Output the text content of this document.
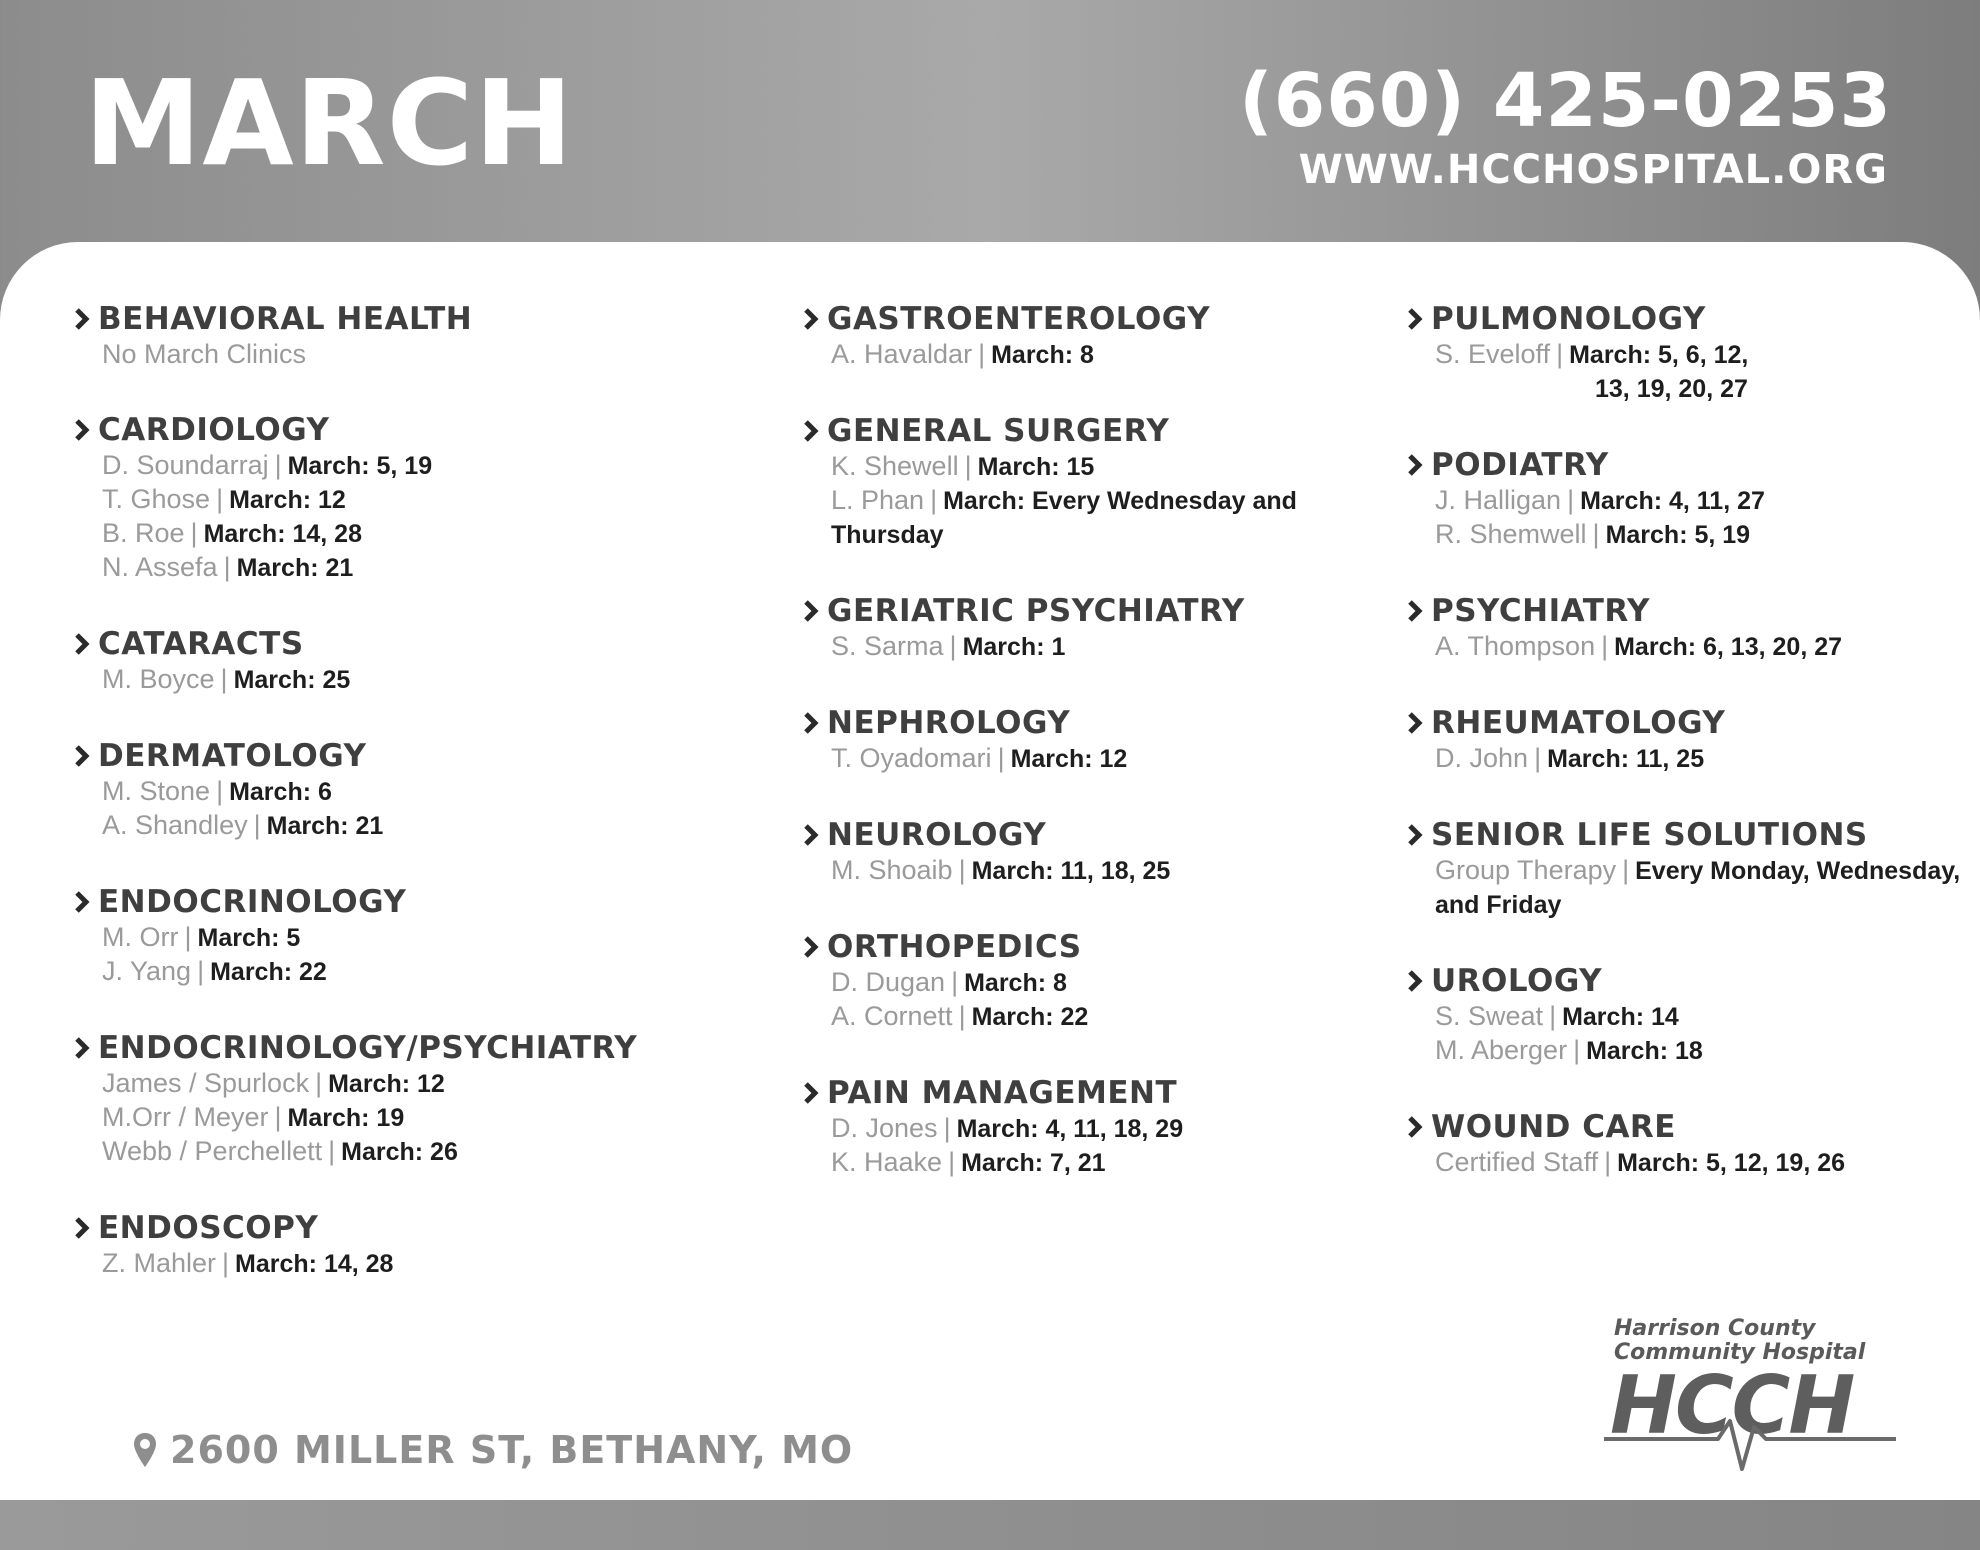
MARCH	(660) 425-0253
WWW.HCCHOSPITAL.ORG
BEHAVIORAL HEALTH
No March Clinics
CARDIOLOGY
D. Soundarraj | March: 5, 19
T. Ghose | March: 12
B. Roe | March: 14, 28
N. Assefa | March: 21
CATARACTS
M. Boyce | March: 25
DERMATOLOGY
M. Stone | March: 6
A. Shandley | March: 21
ENDOCRINOLOGY
M. Orr | March: 5
J. Yang | March: 22
ENDOCRINOLOGY/PSYCHIATRY
James / Spurlock | March: 12
M.Orr / Meyer | March: 19
Webb / Perchellett | March: 26
ENDOSCOPY
Z. Mahler | March: 14, 28
GASTROENTEROLOGY
A. Havaldar | March: 8
GENERAL SURGERY
K. Shewell | March: 15
L. Phan | March: Every Wednesday and Thursday
GERIATRIC PSYCHIATRY
S. Sarma | March: 1
NEPHROLOGY
T. Oyadomari | March: 12
NEUROLOGY
M. Shoaib | March: 11, 18, 25
ORTHOPEDICS
D. Dugan | March: 8
A. Cornett | March: 22
PAIN MANAGEMENT
D. Jones | March: 4, 11, 18, 29
K. Haake | March: 7, 21
PULMONOLOGY
S. Eveloff | March: 5, 6, 12,
13, 19, 20, 27
PODIATRY
J. Halligan | March: 4, 11, 27
R. Shemwell | March: 5, 19
PSYCHIATRY
A. Thompson | March: 6, 13, 20, 27
RHEUMATOLOGY
D. John | March: 11, 25
SENIOR LIFE SOLUTIONS
Group Therapy | Every Monday, Wednesday, and Friday
UROLOGY
S. Sweat | March: 14
M. Aberger | March: 18
WOUND CARE
Certified Staff | March: 5, 12, 19, 26
2600 MILLER ST, BETHANY, MO
Harrison County
Community Hospital
HCCH
